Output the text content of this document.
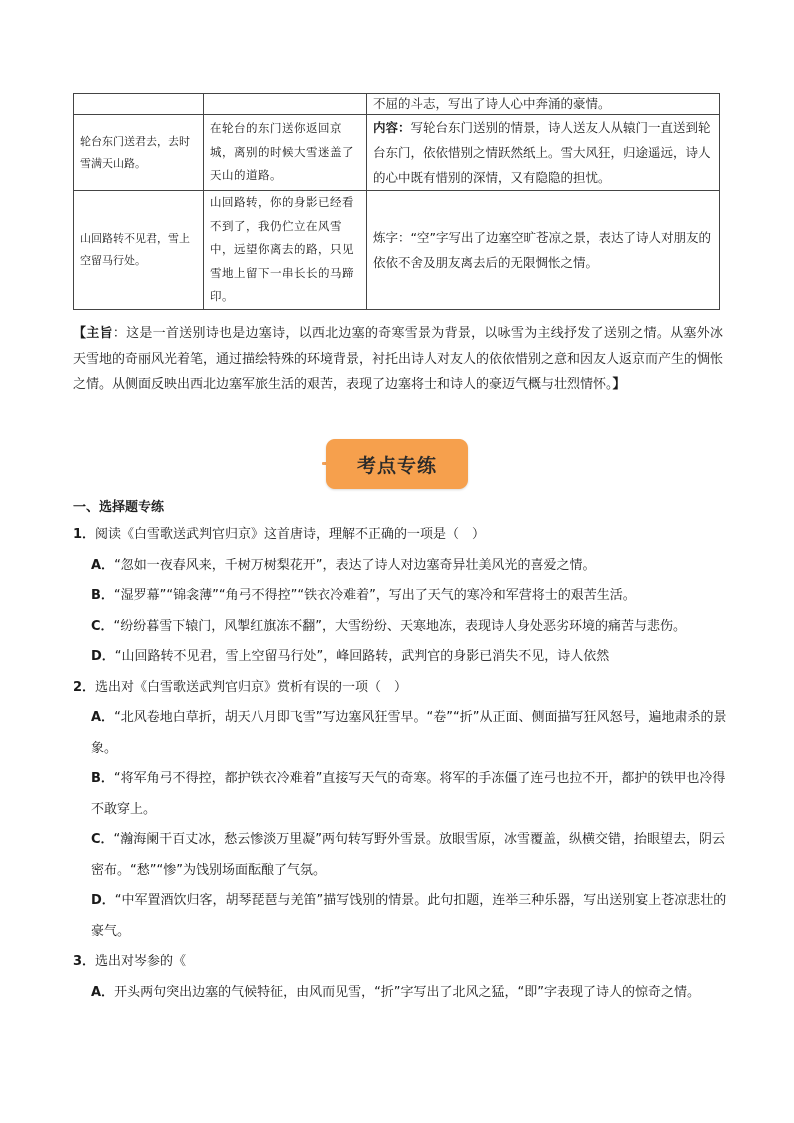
		不屈的斗志，写出了诗人心中奔涌的豪情。
轮台东门送君去，去时雪满天山路。	在轮台的东门送你返回京城，离别的时候大雪迷盖了天山的道路。	内容：写轮台东门送别的情景，诗人送友人从辕门一直送到轮台东门，依依惜别之情跃然纸上。雪大风狂，归途遥远，诗人的心中既有惜别的深情，又有隐隐的担忧。
山回路转不见君，雪上空留马行处。	山回路转，你的身影已经看不到了，我仍伫立在风雪中，远望你离去的路，只见雪地上留下一串长长的马蹄印。	炼字：“空”字写出了边塞空旷苍凉之景，表达了诗人对朋友的依依不舍及朋友离去后的无限惆怅之情。
【主旨：这是一首送别诗也是边塞诗，以西北边塞的奇寒雪景为背景，以咏雪为主线抒发了送别之情。从塞外冰天雪地的奇丽风光着笔，通过描绘特殊的环境背景，衬托出诗人对友人的依依惜别之意和因友人返京而产生的惆怅之情。从侧面反映出西北边塞军旅生活的艰苦，表现了边塞将士和诗人的豪迈气概与壮烈情怀。】
考点专练
一、选择题专练
1．阅读《白雪歌送武判官归京》这首唐诗，理解不正确的一项是（　）
A．“忽如一夜春风来，千树万树梨花开”，表达了诗人对边塞奇异壮美风光的喜爱之情。
B．“湿罗幕”“锦衾薄”“角弓不得控”“铁衣冷难着”，写出了天气的寒冷和军营将士的艰苦生活。
C．“纷纷暮雪下辕门，风掣红旗冻不翻”，大雪纷纷、天寒地冻，表现诗人身处恶劣环境的痛苦与悲伤。
D．“山回路转不见君，雪上空留马行处”，峰回路转，武判官的身影已消失不见，诗人依然
2．选出对《白雪歌送武判官归京》赏析有误的一项（　）
A．“北风卷地白草折，胡天八月即飞雪”写边塞风狂雪早。“卷”“折”从正面、侧面描写狂风怒号，遍地肃杀的景象。
B．“将军角弓不得控，都护铁衣冷难着”直接写天气的奇寒。将军的手冻僵了连弓也拉不开，都护的铁甲也冷得不敢穿上。
C．“瀚海阑干百丈冰，愁云惨淡万里凝”两句转写野外雪景。放眼雪原，冰雪覆盖，纵横交错，抬眼望去，阴云密布。“愁”“惨”为饯别场面酝酿了气氛。
D．“中军置酒饮归客，胡琴琵琶与羌笛”描写饯别的情景。此句扣题，连举三种乐器，写出送别宴上苍凉悲壮的豪气。
3．选出对岑参的《
A．开头两句突出边塞的气候特征，由风而见雪，“折”字写出了北风之猛，“即”字表现了诗人的惊奇之情。
